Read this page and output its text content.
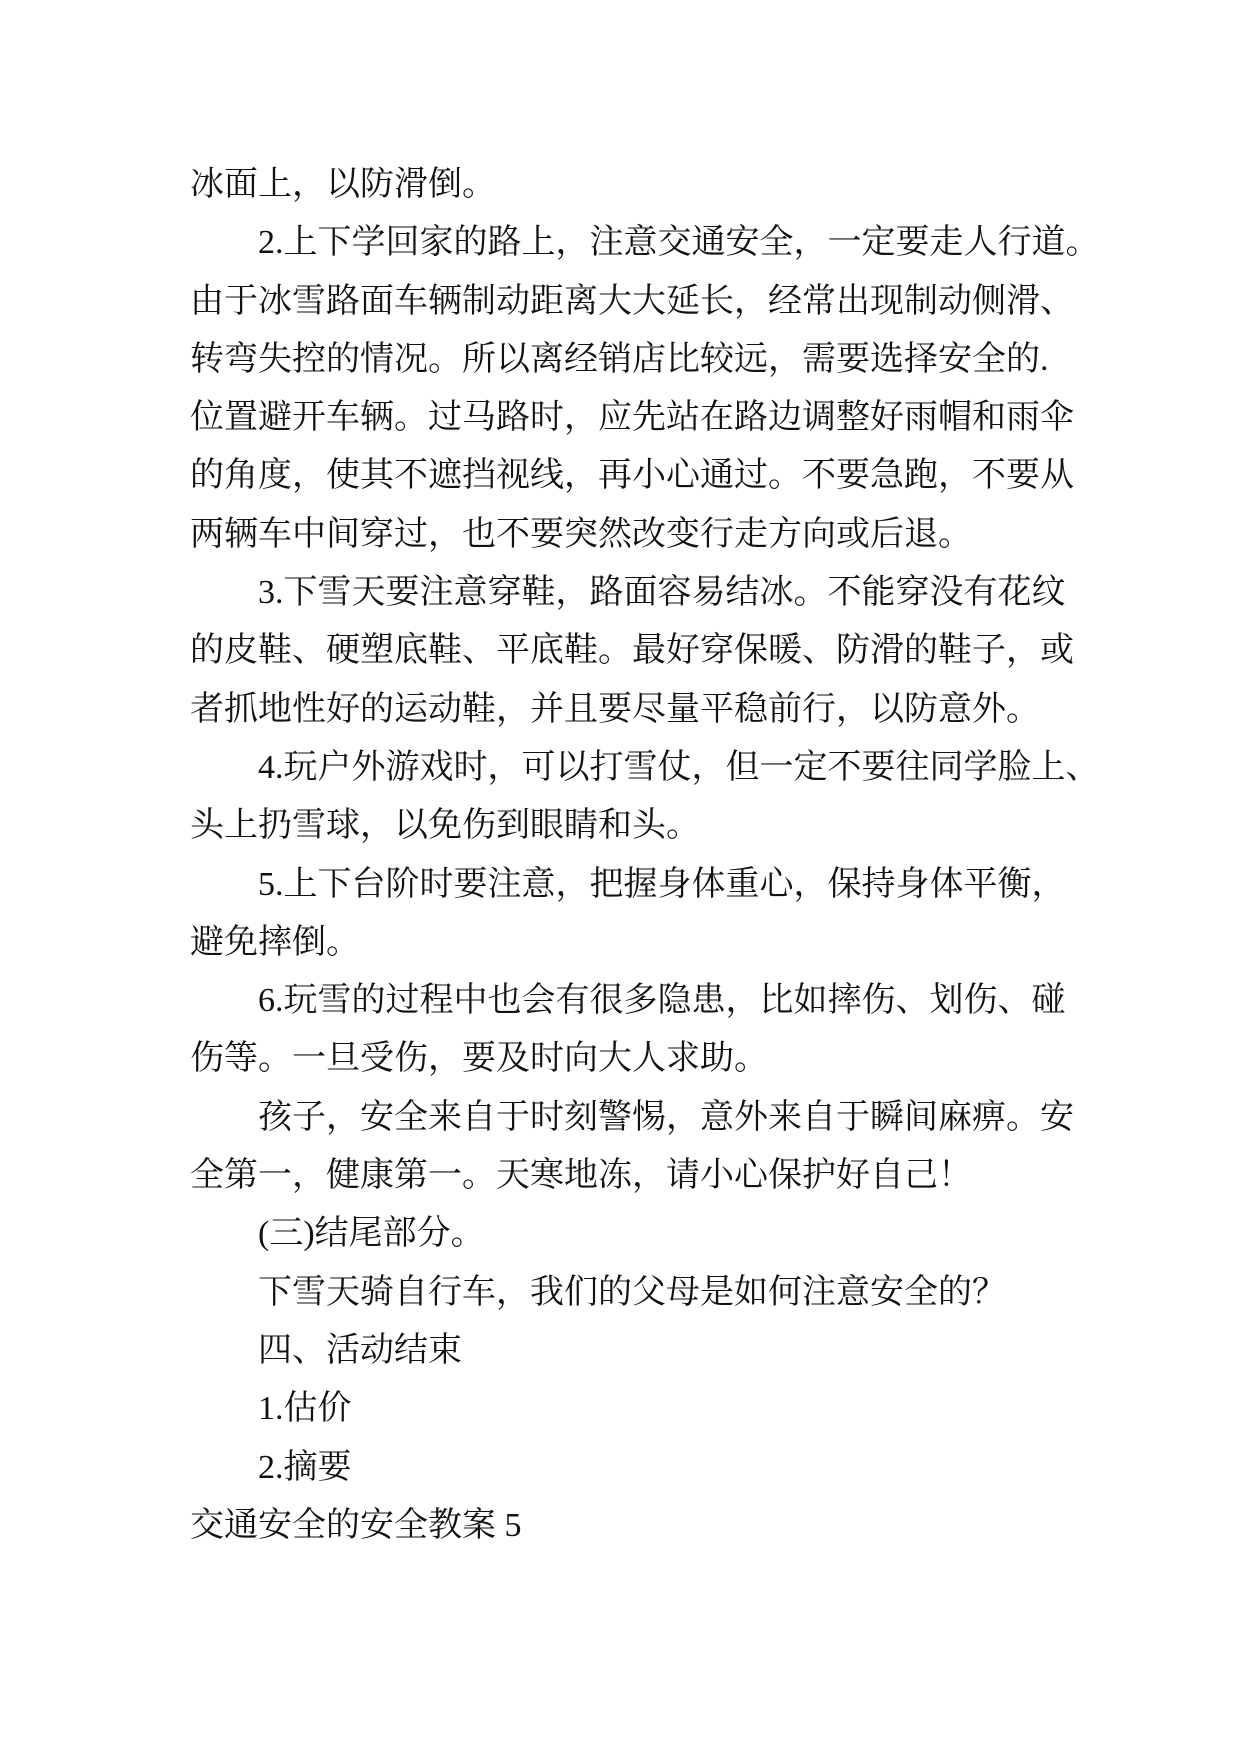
冰面上，以防滑倒。
2.上下学回家的路上，注意交通安全，一定要走人行道。
由于冰雪路面车辆制动距离大大延长，经常出现制动侧滑、
转弯失控的情况。所以离经销店比较远，需要选择安全的.
位置避开车辆。过马路时，应先站在路边调整好雨帽和雨伞
的角度，使其不遮挡视线，再小心通过。不要急跑，不要从
两辆车中间穿过，也不要突然改变行走方向或后退。
3.下雪天要注意穿鞋，路面容易结冰。不能穿没有花纹
的皮鞋、硬塑底鞋、平底鞋。最好穿保暖、防滑的鞋子，或
者抓地性好的运动鞋，并且要尽量平稳前行，以防意外。
4.玩户外游戏时，可以打雪仗，但一定不要往同学脸上、
头上扔雪球，以免伤到眼睛和头。
5.上下台阶时要注意，把握身体重心，保持身体平衡，
避免摔倒。
6.玩雪的过程中也会有很多隐患，比如摔伤、划伤、碰
伤等。一旦受伤，要及时向大人求助。
孩子，安全来自于时刻警惕，意外来自于瞬间麻痹。安
全第一，健康第一。天寒地冻，请小心保护好自己！
(三)结尾部分。
下雪天骑自行车，我们的父母是如何注意安全的？
四、活动结束
1.估价
2.摘要
交通安全的安全教案 5
